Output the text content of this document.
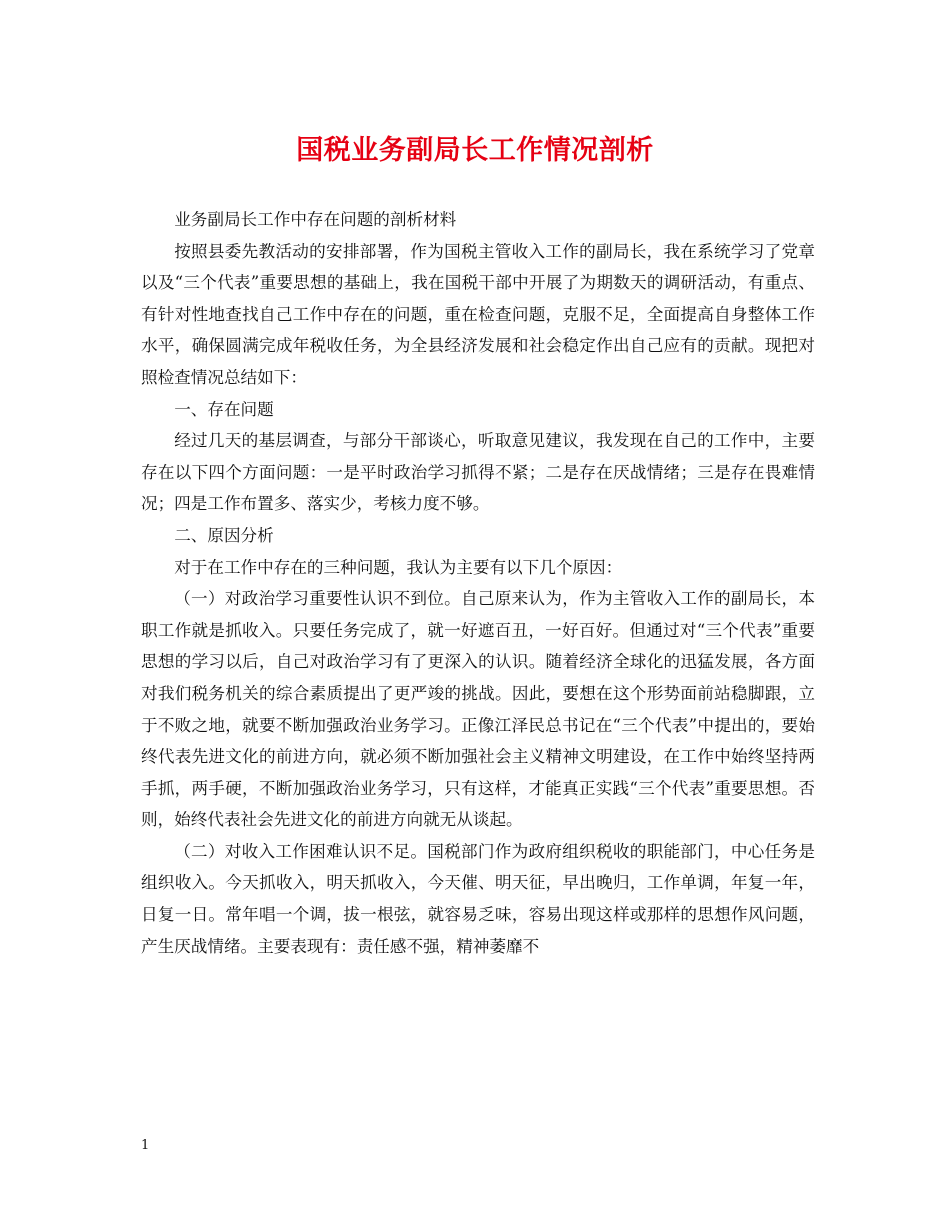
国税业务副局长工作情况剖析

业务副局长工作中存在问题的剖析材料

按照县委先教活动的安排部署，作为国税主管收入工作的副局长，我在系统学习了党章以及“三个代表”重要思想的基础上，我在国税干部中开展了为期数天的调研活动，有重点、有针对性地查找自己工作中存在的问题，重在检查问题，克服不足，全面提高自身整体工作水平，确保圆满完成年税收任务，为全县经济发展和社会稳定作出自己应有的贡献。现把对照检查情况总结如下：

一、存在问题

经过几天的基层调查，与部分干部谈心，听取意见建议，我发现在自己的工作中，主要存在以下四个方面问题：一是平时政治学习抓得不紧；二是存在厌战情绪；三是存在畏难情况；四是工作布置多、落实少，考核力度不够。

二、原因分析

对于在工作中存在的三种问题，我认为主要有以下几个原因：

（一）对政治学习重要性认识不到位。自己原来认为，作为主管收入工作的副局长，本职工作就是抓收入。只要任务完成了，就一好遮百丑，一好百好。但通过对“三个代表”重要思想的学习以后，自己对政治学习有了更深入的认识。随着经济全球化的迅猛发展，各方面对我们税务机关的综合素质提出了更严竣的挑战。因此，要想在这个形势面前站稳脚跟，立于不败之地，就要不断加强政治业务学习。正像江泽民总书记在“三个代表”中提出的，要始终代表先进文化的前进方向，就必须不断加强社会主义精神文明建设，在工作中始终坚持两手抓，两手硬，不断加强政治业务学习，只有这样，才能真正实践“三个代表”重要思想。否则，始终代表社会先进文化的前进方向就无从谈起。

（二）对收入工作困难认识不足。国税部门作为政府组织税收的职能部门，中心任务是组织收入。今天抓收入，明天抓收入，今天催、明天征，早出晚归，工作单调，年复一年，日复一日。常年唱一个调，拔一根弦，就容易乏味，容易出现这样或那样的思想作风问题，产生厌战情绪。主要表现有：责任感不强，精神萎靡不

1
